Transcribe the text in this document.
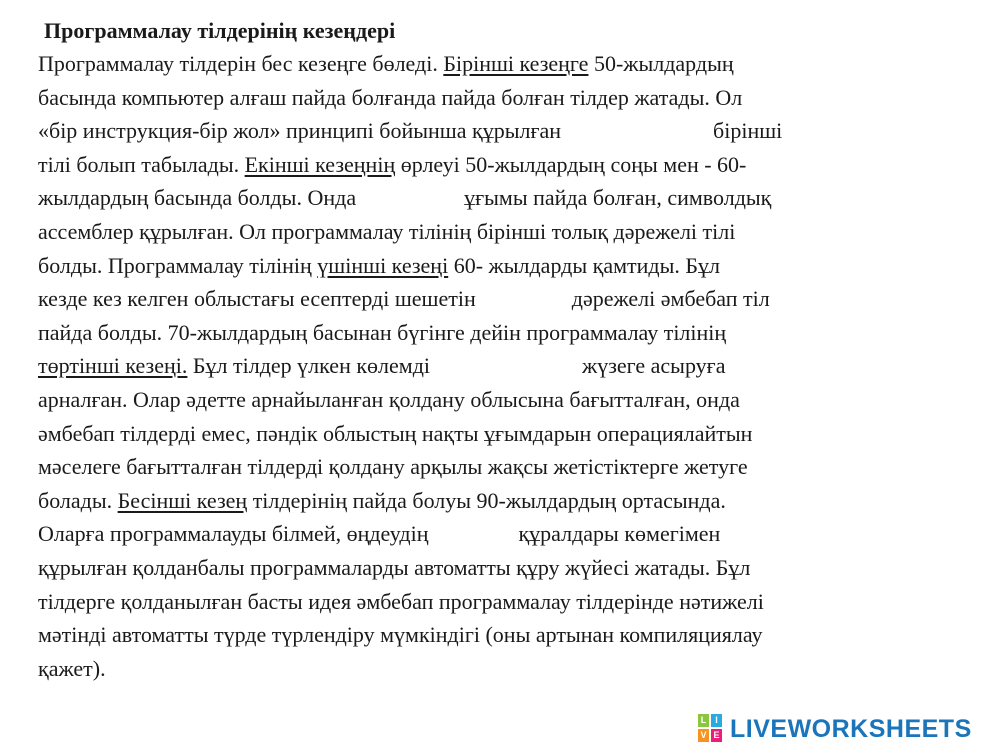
Программалау тілдерінің кезеңдері
Программалау тілдерін бес кезеңге бөледі. Бірінші кезеңге 50-жылдардың
басында компьютер алғаш пайда болғанда пайда болған тілдер жатады. Ол
«бір инструкция-бір жол» принципі бойынша құрылған	бірінші
тілі болып табылады. Екінші кезеңнің өрлеуі 50-жылдардың соңы мен - 60-
жылдардың басында болды. Онда	ұғымы пайда болған, символдық
ассемблер құрылған. Ол программалау тілінің бірінші толық дәрежелі тілі
болды. Программалау тілінің үшінші кезеңі 60- жылдарды қамтиды. Бұл
кезде кез келген облыстағы есептерді шешетін	дәрежелі әмбебап тіл
пайда болды. 70-жылдардың басынан бүгінге дейін программалау тілінің
төртінші кезеңі. Бұл тілдер үлкен көлемді	жүзеге асыруға
арналған. Олар әдетте арнайыланған қолдану облысына бағытталған, онда
әмбебап тілдерді емес, пәндік облыстың нақты ұғымдарын операциялайтын
мәселеге бағытталған тілдерді қолдану арқылы жақсы жетістіктерге жетуге
болады. Бесінші кезең тілдерінің пайда болуы 90-жылдардың ортасында.
Оларға программалауды білмей, өңдеудің	құралдары көмегімен
құрылған қолданбалы программаларды автоматты құру жүйесі жатады. Бұл
тілдерге қолданылған басты идея әмбебап программалау тілдерінде нәтижелі
мәтінді автоматты түрде түрлендіру мүмкіндігі (оны артынан компиляциялау
қажет).
L I
V E LIVEWORKSHEETS
